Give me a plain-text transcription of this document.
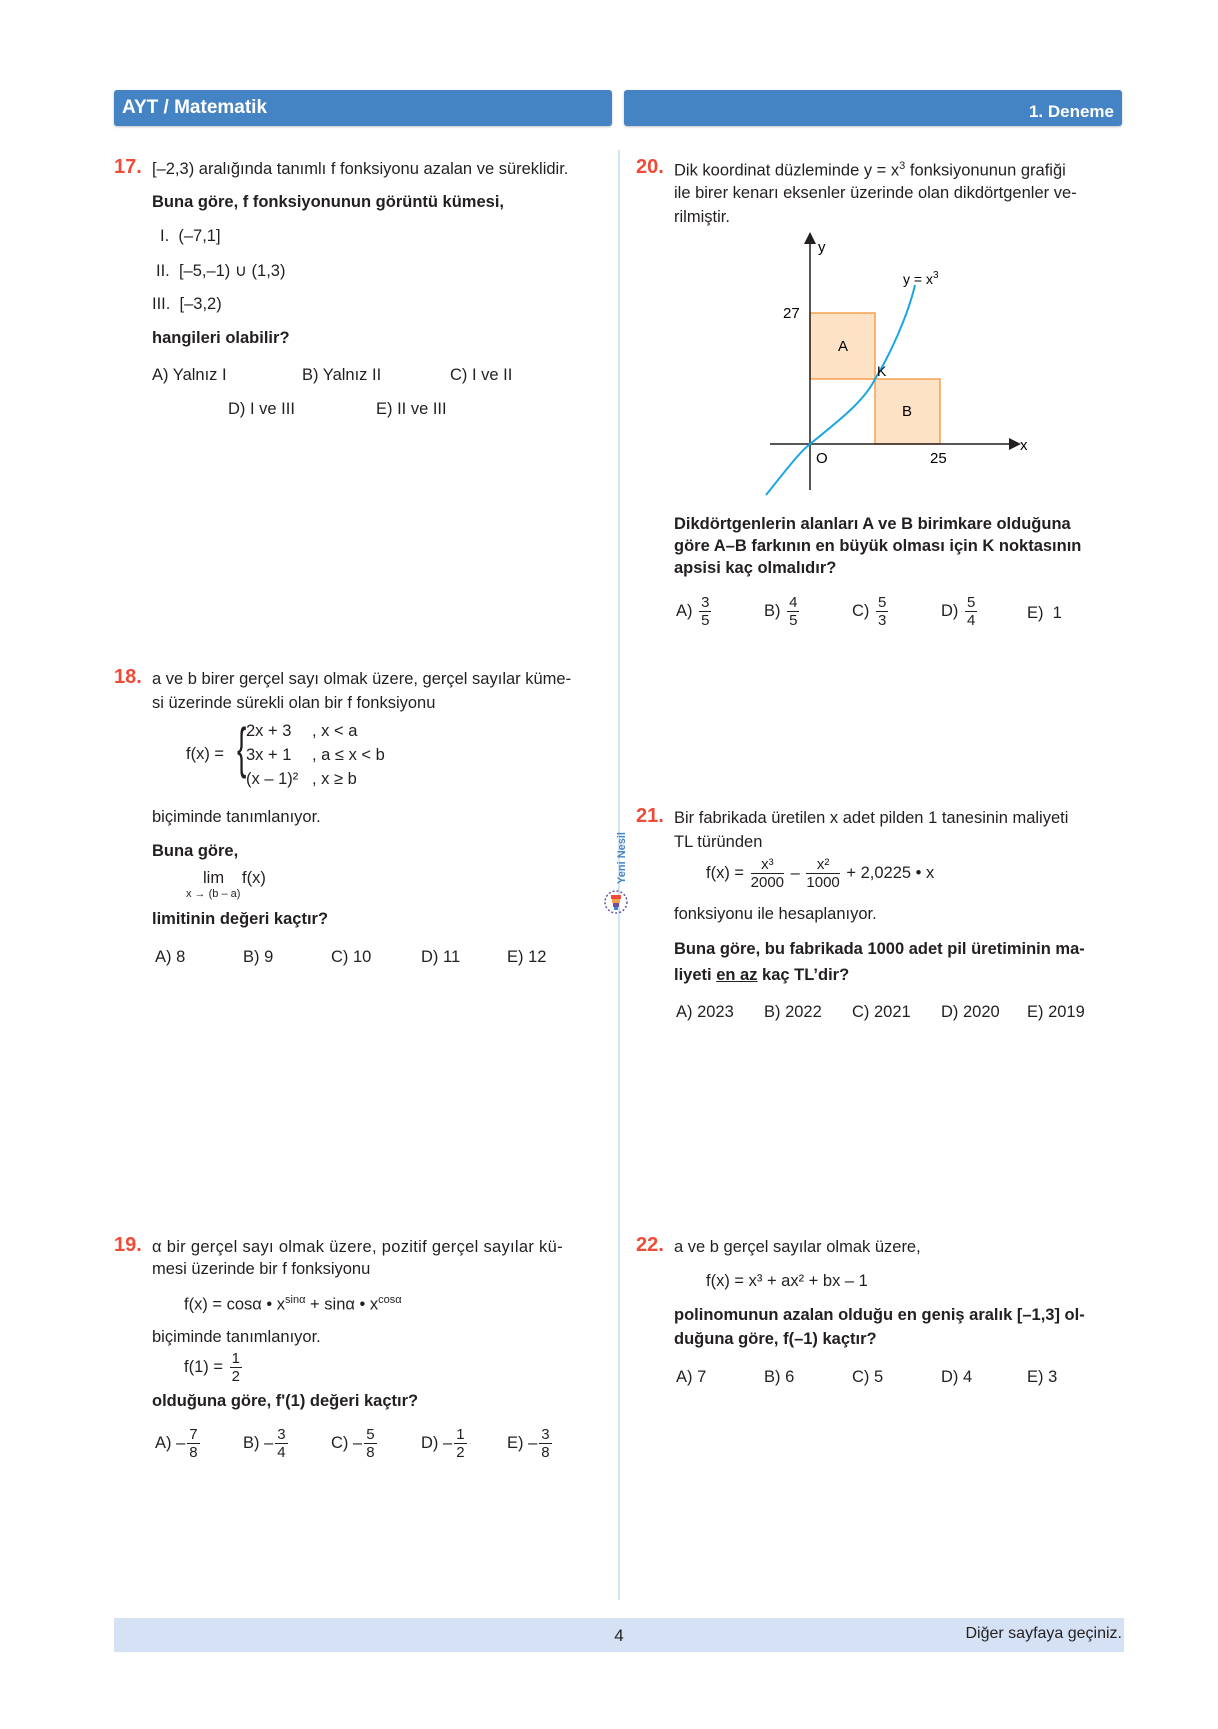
AYT / Matematik	1. Deneme
17. [–2,3) aralığında tanımlı f fonksiyonu azalan ve süreklidir.
Buna göre, f fonksiyonunun görüntü kümesi,
I. (–7,1]
II. [–5,–1) ∪ (1,3)
III. [–3,2)
hangileri olabilir?
A) Yalnız I	B) Yalnız II	C) I ve II
D) I ve III	E) II ve III
18. a ve b birer gerçel sayı olmak üzere, gerçel sayılar küme-
si üzerinde sürekli olan bir f fonksiyonu
f(x) = { 2x + 3 , x < a
3x + 1 , a ≤ x < b
(x – 1)² , x ≥ b
biçiminde tanımlanıyor.
Buna göre,
lim f(x)
x → (b – a)
limitinin değeri kaçtır?
A) 8	B) 9	C) 10	D) 11	E) 12
19. α bir gerçel sayı olmak üzere, pozitif gerçel sayılar kü-
mesi üzerinde bir f fonksiyonu
f(x) = cosα • $x^{sin\alpha} + \sin\alpha$ • $x^{cos\alpha}$
biçiminde tanımlanıyor.
$f(1) = \frac{1}{2}$
olduğuna göre, f'(1) değeri kaçtır?
$A) - \frac{7}{8}$	$B) - \frac{3}{4}$	$C) - \frac{5}{8}$	$D) - \frac{1}{2} E) - \frac{3}{8}$
20. Dik koordinat düzleminde $y = x^3$ fonksiyonunun grafiği
ile birer kenarı eksenler üzerinde olan dikdörtgenler ve-
rilmiştir.
y
x
O
27
25
A
B
K
$y = x^3$
Dikdörtgenlerin alanları A ve B birimkare olduğuna
göre A–B farkının en büyük olması için K noktasının
apsisi kaç olmalıdır?
$A) \frac{3}{5}$	$B) \frac{4}{5}$	$C) \frac{5}{3}$	$D) \frac{5}{4}$	E) 1
Yeni Nesil
21. Bir fabrikada üretilen x adet pilden 1 tanesinin maliyeti
TL türünden
$f(x) = \frac{\text{x³}}{2000} - \frac{\text{x²}}{1000} + 2,0225$ • x
fonksiyonu ile hesaplanıyor.
Buna göre, bu fabrikada 1000 adet pil üretiminin ma-
liyeti en az kaç TL’dir?
A) 2023 B) 2022 C) 2021 D) 2020 E) 2019
22. a ve b gerçel sayılar olmak üzere,
f(x) = x³ + ax² + bx – 1
polinomunun azalan olduğu en geniş aralık [–1,3] ol-
duğuna göre, f(–1) kaçtır?
A) 7	B) 6	C) 5	D) 4	E) 3
4	Diğer sayfaya geçiniz.
